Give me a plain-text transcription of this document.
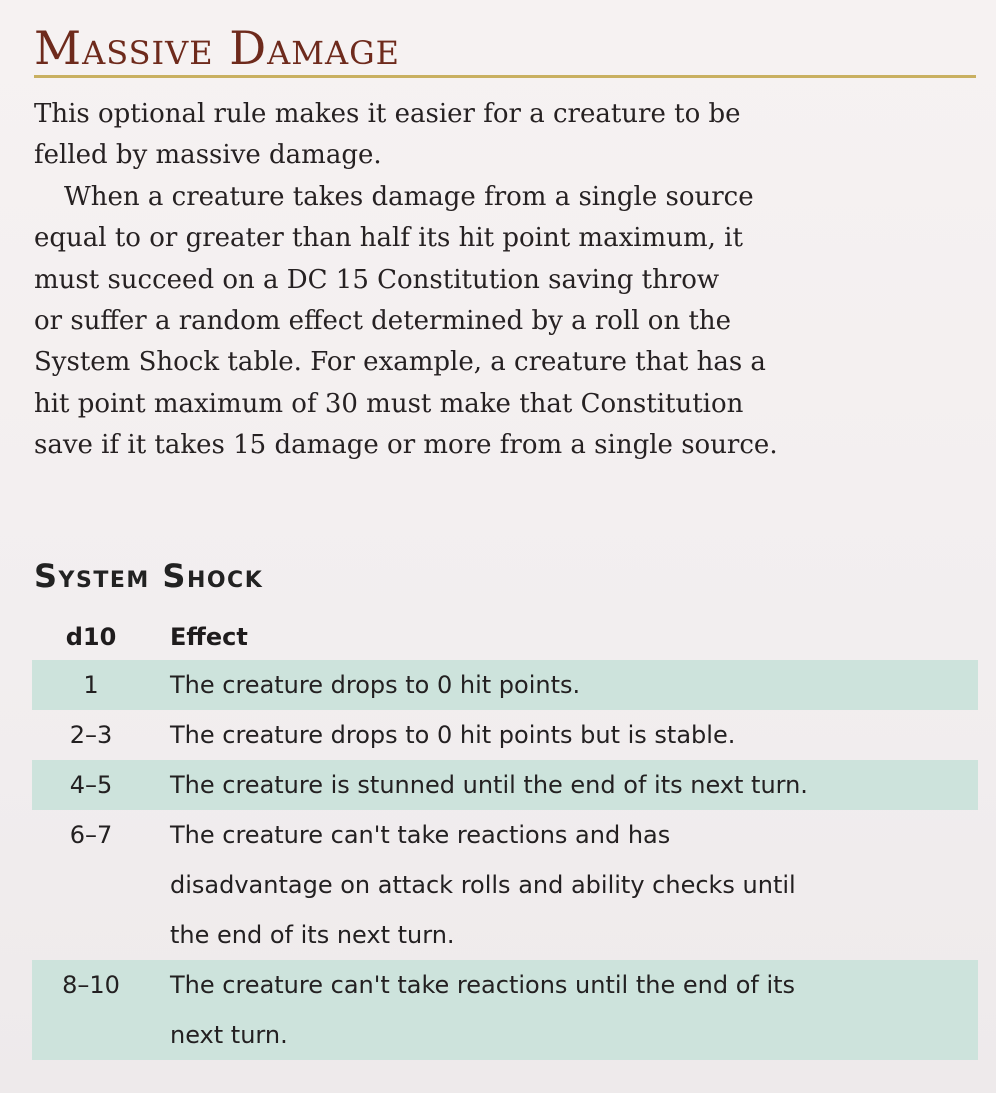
Massive Damage

This optional rule makes it easier for a creature to be
felled by massive damage.
When a creature takes damage from a single source
equal to or greater than half its hit point maximum, it
must succeed on a DC 15 Constitution saving throw
or suffer a random effect determined by a roll on the
System Shock table. For example, a creature that has a
hit point maximum of 30 must make that Constitution
save if it takes 15 damage or more from a single source.

System Shock
d10	Effect
1	The creature drops to 0 hit points.
2–3	The creature drops to 0 hit points but is stable.
4–5	The creature is stunned until the end of its next turn.
6–7	The creature can't take reactions and has
disadvantage on attack rolls and ability checks until
the end of its next turn.
8–10	The creature can't take reactions until the end of its
next turn.
